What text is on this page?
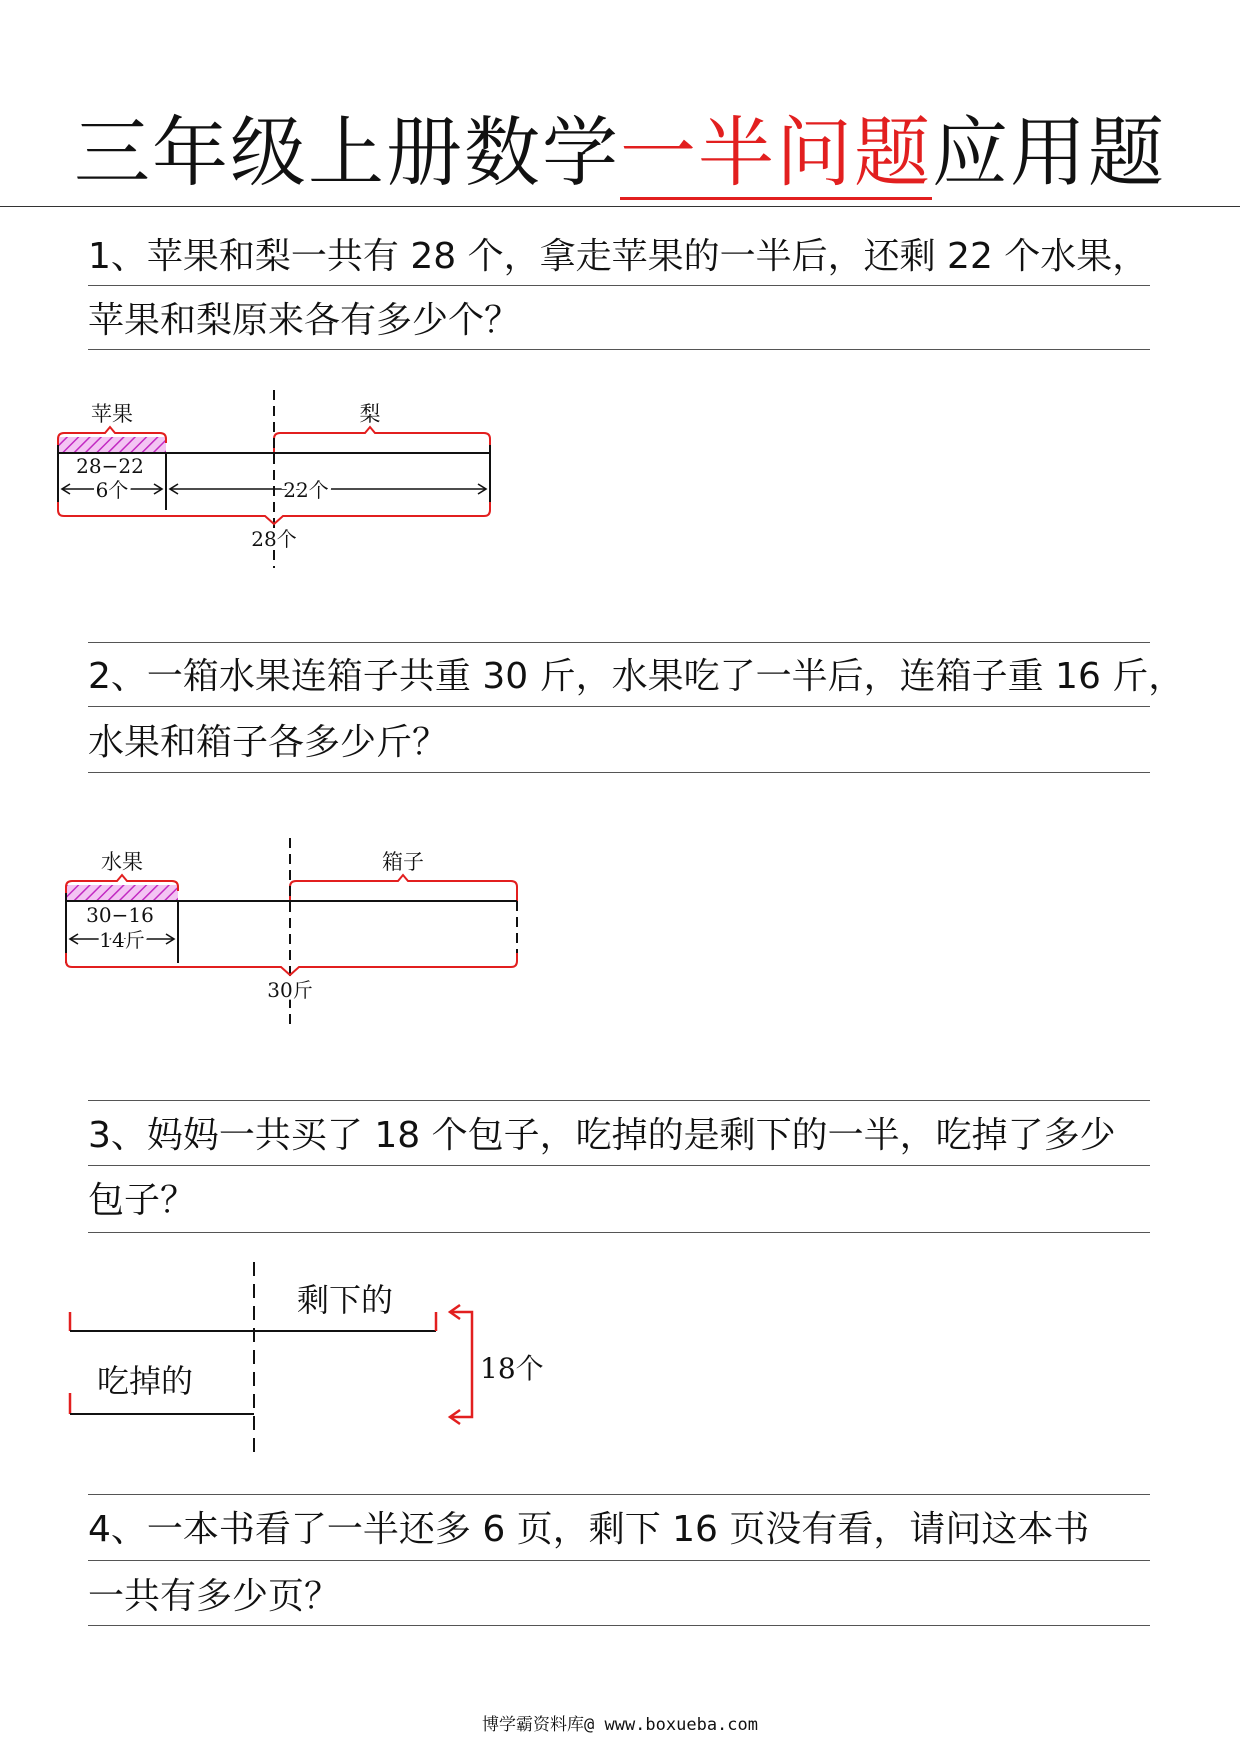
三年级上册数学一半问题应用题
1、苹果和梨一共有 28 个，拿走苹果的一半后，还剩 22 个水果，
苹果和梨原来各有多少个？
苹果	梨
28−22
6个	22个
28个
2、一箱水果连箱子共重 30 斤，水果吃了一半后，连箱子重 16 斤，
水果和箱子各多少斤？
水果	箱子
30−16
14斤
30斤
3、妈妈一共买了 18 个包子，吃掉的是剩下的一半，吃掉了多少
包子？
剩下的
吃掉的	18个
4、一本书看了一半还多 6 页，剩下 16 页没有看，请问这本书
一共有多少页？
博学霸资料库@ www.boxueba.com
